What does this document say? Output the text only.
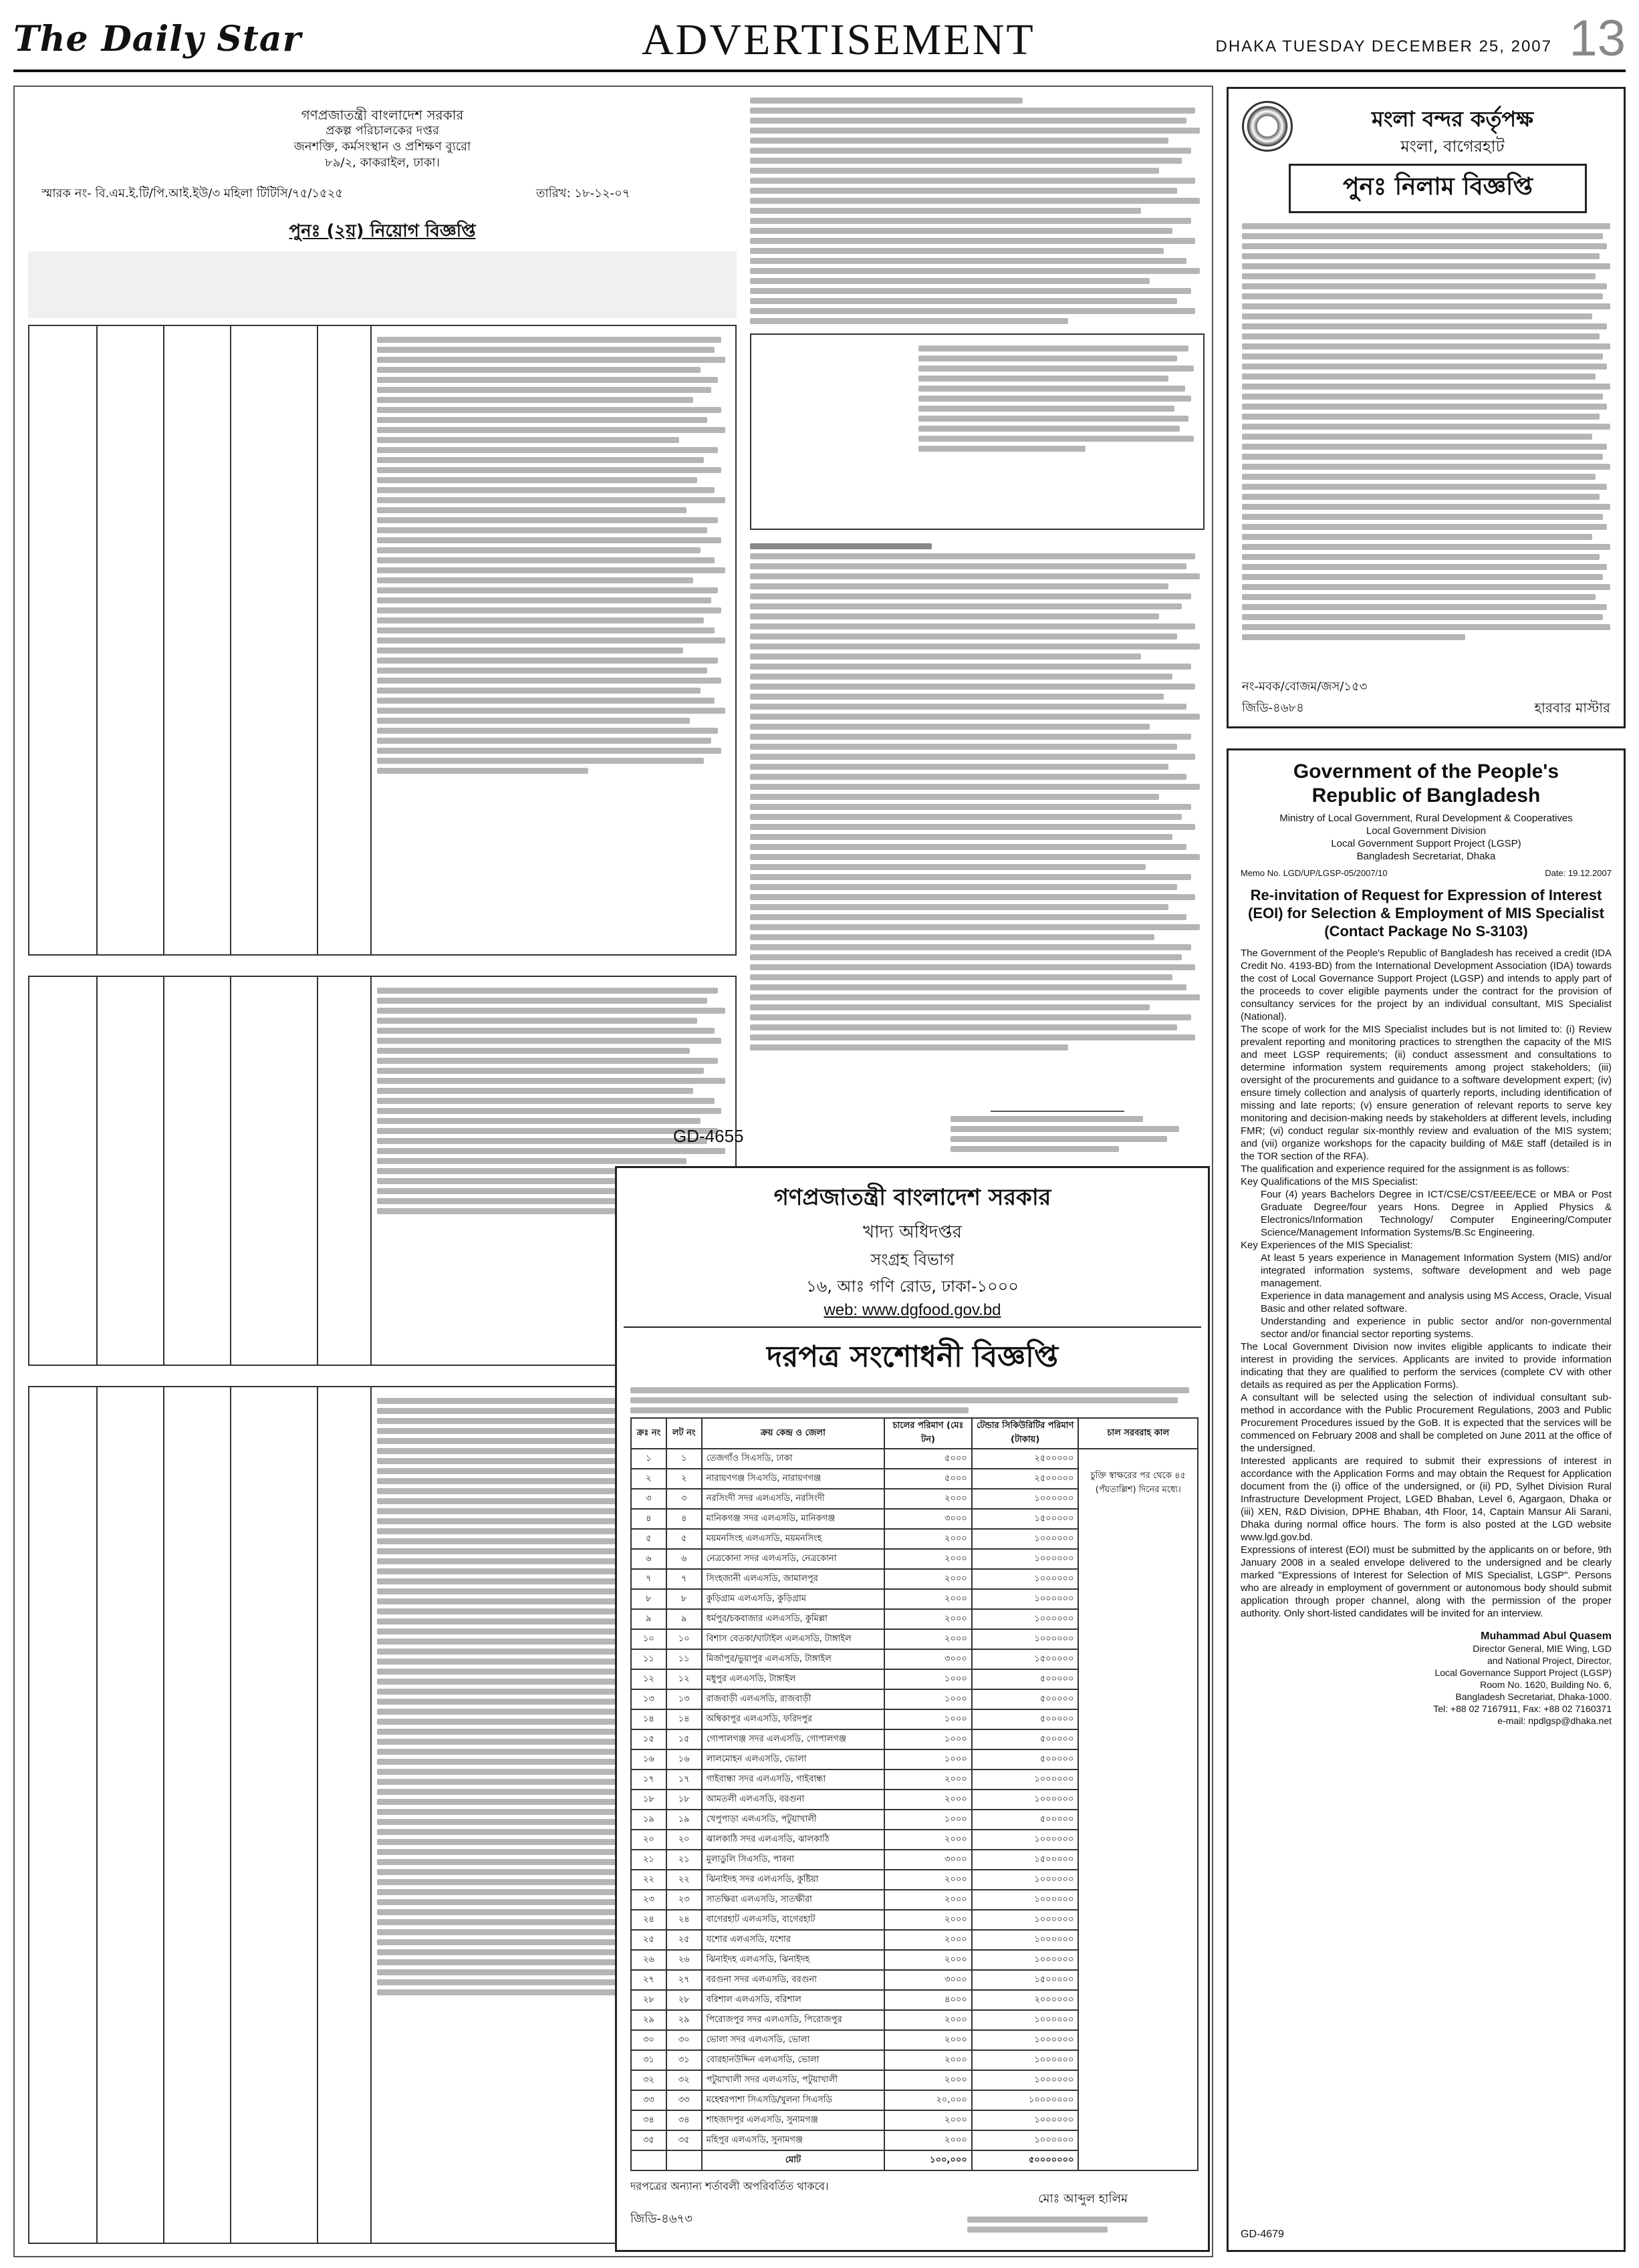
The Daily Star	ADVERTISEMENT	DHAKA TUESDAY DECEMBER 25, 2007 13
গণপ্রজাতন্ত্রী বাংলাদেশ সরকার
প্রকল্প পরিচালকের দপ্তর
জনশক্তি, কর্মসংস্থান ও প্রশিক্ষণ ব্যুরো
৮৯/২, কাকরাইল, ঢাকা।
স্মারক নং- বি.এম.ই.টি/পি.আই.ইউ/৩ মহিলা টিটিসি/৭৫/১৫২৫	তারিখ: ১৮-১২-০৭
পুনঃ (২য়) নিয়োগ বিজ্ঞপ্তি
GD-4655
গণপ্রজাতন্ত্রী বাংলাদেশ সরকার
খাদ্য অধিদপ্তর
সংগ্রহ বিভাগ
১৬, আঃ গণি রোড, ঢাকা-১০০০
web: www.dgfood.gov.bd
দরপত্র সংশোধনী বিজ্ঞপ্তি
ক্রঃ নং	লট নং	ক্রয় কেন্দ্র ও জেলা	চালের পরিমাণ (মেঃ টন)	টেন্ডার সিকিউরিটির পরিমাণ (টাকায়)	চাল সরবরাহ কাল
১	১	তেজগাঁও সিএসডি, ঢাকা	৫০০০	২৫০০০০০	চুক্তি স্বাক্ষরের পর থেকে ৪৫ (পঁয়তাল্লিশ) দিনের মধ্যে।
২	২	নারায়ণগঞ্জ সিএসডি, নারায়ণগঞ্জ	৫০০০	২৫০০০০০	
৩	৩	নরসিংদী সদর এলএসডি, নরসিংদী	২০০০	১০০০০০০	
৪	৪	মানিকগঞ্জ সদর এলএসডি, মানিকগঞ্জ	৩০০০	১৫০০০০০	
৫	৫	ময়মনসিংহ এলএসডি, ময়মনসিংহ	২০০০	১০০০০০০	
৬	৬	নেত্রকোনা সদর এলএসডি, নেত্রকোনা	২০০০	১০০০০০০	
৭	৭	সিংহজানী এলএসডি, জামালপুর	২০০০	১০০০০০০	
৮	৮	কুড়িগ্রাম এলএসডি, কুড়িগ্রাম	২০০০	১০০০০০০	
৯	৯	ধর্মপুর/চকবাজার এলএসডি, কুমিল্লা	২০০০	১০০০০০০	
১০	১০	বিশাস বেতকা/ঘাটাইল এলএসডি, টাঙ্গাইল	২০০০	১০০০০০০	
১১	১১	মির্জাপুর/ভুয়াপুর এলএসডি, টাঙ্গাইল	৩০০০	১৫০০০০০	
১২	১২	মধুপুর এলএসডি, টাঙ্গাইল	১০০০	৫০০০০০	
১৩	১৩	রাজবাড়ী এলএসডি, রাজবাড়ী	১০০০	৫০০০০০	
১৪	১৪	অম্বিকাপুর এলএসডি, ফরিদপুর	১০০০	৫০০০০০	
১৫	১৫	গোপালগঞ্জ সদর এলএসডি, গোপালগঞ্জ	১০০০	৫০০০০০	
১৬	১৬	লালমোহন এলএসডি, ভোলা	১০০০	৫০০০০০	
১৭	১৭	গাইবান্ধা সদর এলএসডি, গাইবান্ধা	২০০০	১০০০০০০	
১৮	১৮	আমতলী এলএসডি, বরগুনা	২০০০	১০০০০০০	
১৯	১৯	খেপুপাড়া এলএসডি, পটুয়াখালী	১০০০	৫০০০০০	
২০	২০	ঝালকাঠি সদর এলএসডি, ঝালকাঠি	২০০০	১০০০০০০	
২১	২১	মুলাডুলি সিএসডি, পাবনা	৩০০০	১৫০০০০০	
২২	২২	ঝিনাইদহ সদর এলএসডি, কুষ্টিয়া	২০০০	১০০০০০০	
২৩	২৩	সাতক্ষিরা এলএসডি, সাতক্ষীরা	২০০০	১০০০০০০	
২৪	২৪	বাগেরহাট এলএসডি, বাগেরহাট	২০০০	১০০০০০০	
২৫	২৫	যশোর এলএসডি, যশোর	২০০০	১০০০০০০	
২৬	২৬	ঝিনাইদহ এলএসডি, ঝিনাইদহ	২০০০	১০০০০০০	
২৭	২৭	বরগুনা সদর এলএসডি, বরগুনা	৩০০০	১৫০০০০০	
২৮	২৮	বরিশাল এলএসডি, বরিশাল	৪০০০	২০০০০০০	
২৯	২৯	পিরোজপুর সদর এলএসডি, পিরোজপুর	২০০০	১০০০০০০	
৩০	৩০	ভোলা সদর এলএসডি, ভোলা	২০০০	১০০০০০০	
৩১	৩১	বোরহানউদ্দিন এলএসডি, ভোলা	২০০০	১০০০০০০	
৩২	৩২	পটুয়াখালী সদর এলএসডি, পটুয়াখালী	২০০০	১০০০০০০	
৩৩	৩৩	মহেশ্বরপাশা সিএসডি/খুলনা সিএসডি	২০,০০০	১০০০০০০০	
৩৪	৩৪	শাহজাদপুর এলএসডি, সুনামগঞ্জ	২০০০	১০০০০০০	
৩৫	৩৫	মহিপুর এলএসডি, সুনামগঞ্জ	২০০০	১০০০০০০	
		মোট	১০০,০০০	৫০০০০০০০	
দরপত্রের অন্যান্য শর্তাবলী অপরিবর্তিত থাকবে।
মোঃ আব্দুল হালিম
জিডি-৪৬৭৩
মংলা বন্দর কর্তৃপক্ষ
মংলা, বাগেরহাট
পুনঃ নিলাম বিজ্ঞপ্তি
নং-মবক/বোজম/জস/১৫৩
জিডি-৪৬৮৪	হারবার মাস্টার
Government of the People's
Republic of Bangladesh
Ministry of Local Government, Rural Development & Cooperatives
Local Government Division
Local Government Support Project (LGSP)
Bangladesh Secretariat, Dhaka
Memo No. LGD/UP/LGSP-05/2007/10	Date: 19.12.2007
Re-invitation of Request for Expression of Interest (EOI) for Selection & Employment of MIS Specialist (Contact Package No S-3103)
The Government of the People's Republic of Bangladesh has received a credit (IDA Credit No. 4193-BD) from the International Development Association (IDA) towards the cost of Local Governance Support Project (LGSP) and intends to apply part of the proceeds to cover eligible payments under the contract for the provision of consultancy services for the project by an individual consultant, MIS Specialist (National).
The scope of work for the MIS Specialist includes but is not limited to: (i) Review prevalent reporting and monitoring practices to strengthen the capacity of the MIS and meet LGSP requirements; (ii) conduct assessment and consultations to determine information system requirements among project stakeholders; (iii) oversight of the procurements and guidance to a software development expert; (iv) ensure timely collection and analysis of quarterly reports, including identification of missing and late reports; (v) ensure generation of relevant reports to serve key monitoring and decision-making needs by stakeholders at different levels, including FMR; (vi) conduct regular six-monthly review and evaluation of the MIS system; and (vii) organize workshops for the capacity building of M&E staff (detailed is in the TOR section of the RFA).
The qualification and experience required for the assignment is as follows:
Key Qualifications of the MIS Specialist:
Four (4) years Bachelors Degree in ICT/CSE/CST/EEE/ECE or MBA or Post Graduate Degree/four years Hons. Degree in Applied Physics & Electronics/Information Technology/ Computer Engineering/Computer Science/Management Information Systems/B.Sc Engineering.
Key Experiences of the MIS Specialist:
At least 5 years experience in Management Information System (MIS) and/or integrated information systems, software development and web page management.
Experience in data management and analysis using MS Access, Oracle, Visual Basic and other related software.
Understanding and experience in public sector and/or non-governmental sector and/or financial sector reporting systems.
The Local Government Division now invites eligible applicants to indicate their interest in providing the services. Applicants are invited to provide information indicating that they are qualified to perform the services (complete CV with other details as required as per the Application Forms).
A consultant will be selected using the selection of individual consultant sub-method in accordance with the Public Procurement Regulations, 2003 and Public Procurement Procedures issued by the GoB. It is expected that the services will be commenced on February 2008 and shall be completed on June 2011 at the office of the undersigned.
Interested applicants are required to submit their expressions of interest in accordance with the Application Forms and may obtain the Request for Application document from the (i) office of the undersigned, or (ii) PD, Sylhet Division Rural Infrastructure Development Project, LGED Bhaban, Level 6, Agargaon, Dhaka or (iii) XEN, R&D Division, DPHE Bhaban, 4th Floor, 14, Captain Mansur Ali Sarani, Dhaka during normal office hours. The form is also posted at the LGD website www.lgd.gov.bd.
Expressions of interest (EOI) must be submitted by the applicants on or before, 9th January 2008 in a sealed envelope delivered to the undersigned and be clearly marked "Expressions of Interest for Selection of MIS Specialist, LGSP". Persons who are already in employment of government or autonomous body should submit application through proper channel, along with the permission of the proper authority. Only short-listed candidates will be invited for an interview.
Muhammad Abul Quasem
Director General, MIE Wing, LGD
and National Project, Director,
Local Governance Support Project (LGSP)
Room No. 1620, Building No. 6,
Bangladesh Secretariat, Dhaka-1000.
Tel: +88 02 7167911, Fax: +88 02 7160371
e-mail: npdlgsp@dhaka.net
GD-4679
